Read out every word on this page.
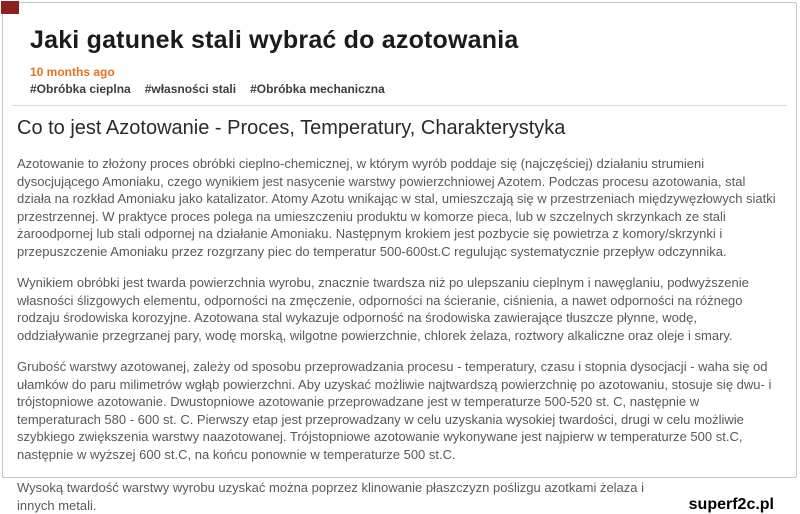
Jaki gatunek stali wybrać do azotowania
10 months ago
#Obróbka cieplna #własności stali #Obróbka mechaniczna
Co to jest Azotowanie - Proces, Temperatury, Charakterystyka

Azotowanie to złożony proces obróbki cieplno-chemicznej, w którym wyrób poddaje się (najczęściej) działaniu strumieni dysocjującego Amoniaku, czego wynikiem jest nasycenie warstwy powierzchniowej Azotem. Podczas procesu azotowania, stal działa na rozkład Amoniaku jako katalizator. Atomy Azotu wnikając w stal, umieszczają się w przestrzeniach międzywęzłowych siatki przestrzennej. W praktyce proces polega na umieszczeniu produktu w komorze pieca, lub w szczelnych skrzynkach ze stali żaroodpornej lub stali odpornej na działanie Amoniaku. Następnym krokiem jest pozbycie się powietrza z komory/skrzynki i przepuszczenie Amoniaku przez rozgrzany piec do temperatur 500-600st.C regulując systematycznie przepływ odczynnika.

Wynikiem obróbki jest twarda powierzchnia wyrobu, znacznie twardsza niż po ulepszaniu cieplnym i nawęglaniu, podwyższenie własności ślizgowych elementu, odporności na zmęczenie, odporności na ścieranie, ciśnienia, a nawet odporności na różnego rodzaju środowiska korozyjne. Azotowana stal wykazuje odporność na środowiska zawierające tłuszcze płynne, wodę, oddziaływanie przegrzanej pary, wodę morską, wilgotne powierzchnie, chlorek żelaza, roztwory alkaliczne oraz oleje i smary.

Grubość warstwy azotowanej, zależy od sposobu przeprowadzania procesu - temperatury, czasu i stopnia dysocjacji - waha się od ułamków do paru milimetrów wgłąb powierzchni. Aby uzyskać możliwie najtwardszą powierzchnię po azotowaniu, stosuje się dwu- i trójstopniowe azotowanie. Dwustopniowe azotowanie przeprowadzane jest w temperaturze 500-520 st. C, następnie w temperaturach 580 - 600 st. C. Pierwszy etap jest przeprowadzany w celu uzyskania wysokiej twardości, drugi w celu możliwie szybkiego zwiększenia warstwy naazotowanej. Trójstopniowe azotowanie wykonywane jest najpierw w temperaturze 500 st.C, następnie w wyższej 600 st.C, na końcu ponownie w temperaturze 500 st.C.

Wysoką twardość warstwy wyrobu uzyskać można poprzez klinowanie płaszczyzn poślizgu azotkami żelaza i innych metali.	superf2c.pl
